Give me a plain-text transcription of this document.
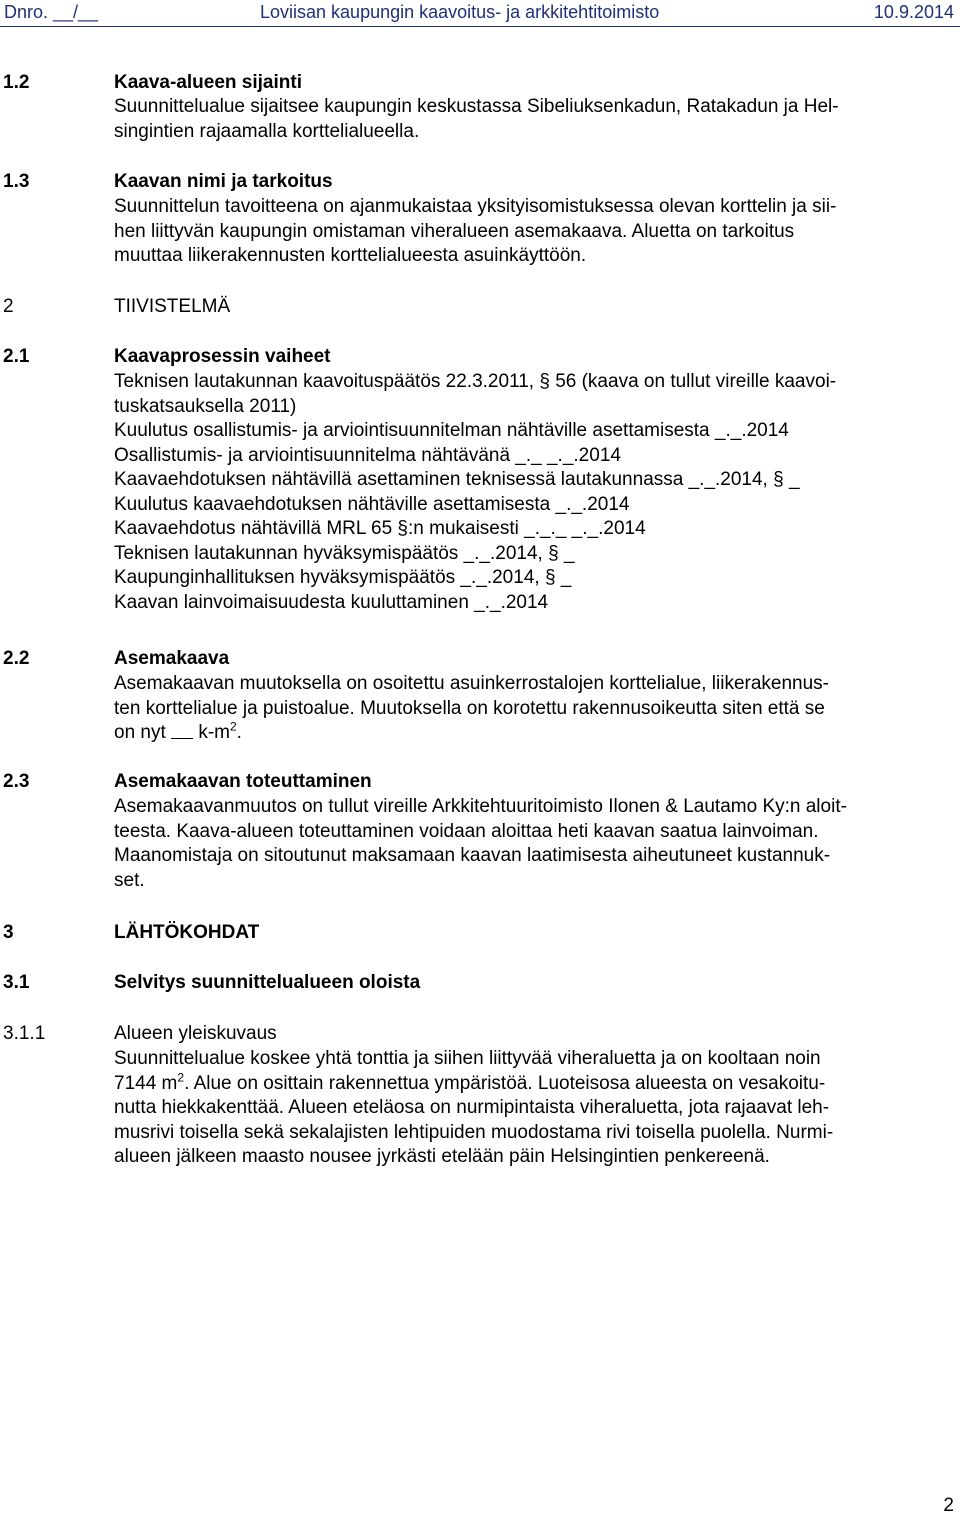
Dnro. __/__	Loviisan kaupungin kaavoitus- ja arkkitehtitoimisto	10.9.2014
1.2	Kaava-alueen sijainti
Suunnittelualue sijaitsee kaupungin keskustassa Sibeliuksenkadun, Ratakadun ja Hel-
singintien rajaamalla korttelialueella.
1.3	Kaavan nimi ja tarkoitus
Suunnittelun tavoitteena on ajanmukaistaa yksityisomistuksessa olevan korttelin ja sii-
hen liittyvän kaupungin omistaman viheralueen asemakaava. Aluetta on tarkoitus
muuttaa liikerakennusten korttelialueesta asuinkäyttöön.
2	TIIVISTELMÄ
2.1	Kaavaprosessin vaiheet
Teknisen lautakunnan kaavoituspäätös 22.3.2011, § 56 (kaava on tullut vireille kaavoi-
tuskatsauksella 2011)
Kuulutus osallistumis- ja arviointisuunnitelman nähtäville asettamisesta _._.2014
Osallistumis- ja arviointisuunnitelma nähtävänä _._ _._.2014
Kaavaehdotuksen nähtävillä asettaminen teknisessä lautakunnassa _._.2014, § _
Kuulutus kaavaehdotuksen nähtäville asettamisesta _._.2014
Kaavaehdotus nähtävillä MRL 65 §:n mukaisesti _._._ _._.2014
Teknisen lautakunnan hyväksymispäätös _._.2014, § _
Kaupunginhallituksen hyväksymispäätös _._.2014, § _
Kaavan lainvoimaisuudesta kuuluttaminen _._.2014
2.2	Asemakaava
Asemakaavan muutoksella on osoitettu asuinkerrostalojen korttelialue, liikerakennus-
ten korttelialue ja puistoalue. Muutoksella on korotettu rakennusoikeutta siten että se
on nyt $k-m^2$.
2.3	Asemakaavan toteuttaminen
Asemakaavanmuutos on tullut vireille Arkkitehtuuritoimisto Ilonen & Lautamo Ky:n aloit-
teesta. Kaava-alueen toteuttaminen voidaan aloittaa heti kaavan saatua lainvoiman.
Maanomistaja on sitoutunut maksamaan kaavan laatimisesta aiheutuneet kustannuk-
set.
3	LÄHTÖKOHDAT
3.1	Selvitys suunnittelualueen oloista
3.1.1	Alueen yleiskuvaus
Suunnittelualue koskee yhtä tonttia ja siihen liittyvää viheraluetta ja on kooltaan noin
7144 $m^2$. Alue on osittain rakennettua ympäristöä. Luoteisosa alueesta on vesakoitu-
nutta hiekkakenttää. Alueen eteläosa on nurmipintaista viheraluetta, jota rajaavat leh-
musrivi toisella sekä sekalajisten lehtipuiden muodostama rivi toisella puolella. Nurmi-
alueen jälkeen maasto nousee jyrkästi etelään päin Helsingintien penkereenä.
2
